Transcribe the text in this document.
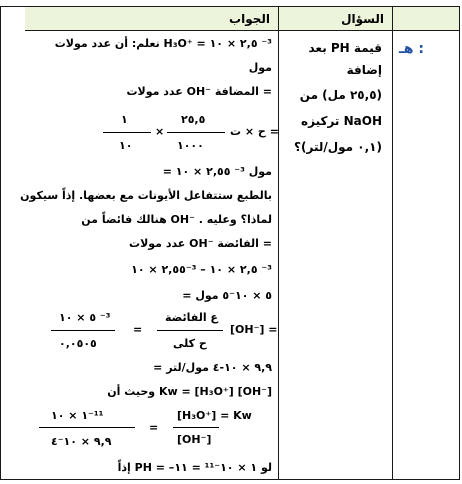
الجواب	السؤال
هـ :
قيمة PH بعد
إضافة
(٢٥,٥ مل) من
NaOH تركيزه
(٠,١ مول/لتر)؟
نعلم: أن عدد مولات H₃O⁺ = ٢,٥ × ١٠ ⁻³
مول
عدد مولات OH⁻ المضافة =
٢٥,٥
١
ح × ت =
×
١٠٠٠
١٠
= ٢,٥٥ × ١٠ ⁻³ مول
بالطبع ستتفاعل الأيونات مع بعضها. إذاً سيكون
هنالك فائضاً من OH⁻ . لماذا؟ وعليه
عدد مولات OH⁻ الفائضة =
٢,٥٥ × ١٠⁻³ – ٢,٥ × ١٠ ⁻³
= ٥ × ١٠⁻٥ مول
[OH⁻] =
ع الفائضة
ح كلى
=
٥ × ١٠ ⁻³
٠,٠٥٠٥
= ٩,٩ × ١٠-٤ مول/لتر
وحيث أن Kw = [H₃O⁺] [OH⁻]
[H₃O⁺] = Kw
[OH⁻]
=
١ × ١٠⁻¹¹
٩,٩ × ١٠⁻٤
إذاً PH = –لو ١ × ١٠⁻¹¹ = ١١
